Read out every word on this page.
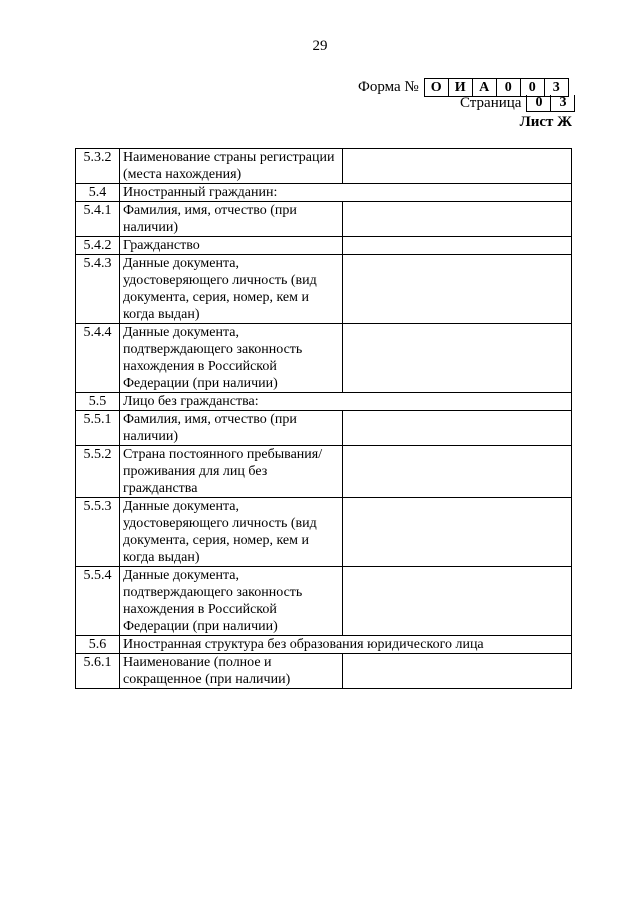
29
Форма № О И А	0	0	3
Страница	0	3
Лист Ж
5.3.2	Наименование страны регистрации (места нахождения)	
5.4	Иностранный гражданин:	
5.4.1	Фамилия, имя, отчество (при наличии)	
5.4.2	Гражданство	
5.4.3	Данные документа, удостоверяющего личность (вид документа, серия, номер, кем и когда выдан)	
5.4.4	Данные документа, подтверждающего законность нахождения в Российской Федерации (при наличии)	
5.5	Лицо без гражданства:	
5.5.1	Фамилия, имя, отчество (при наличии)	
5.5.2	Страна постоянного пребывания/проживания для лиц без гражданства	
5.5.3	Данные документа, удостоверяющего личность (вид документа, серия, номер, кем и когда выдан)	
5.5.4	Данные документа, подтверждающего законность нахождения в Российской Федерации (при наличии)	
5.6	Иностранная структура без образования юридического лица	
5.6.1	Наименование (полное и сокращенное (при наличии)	
